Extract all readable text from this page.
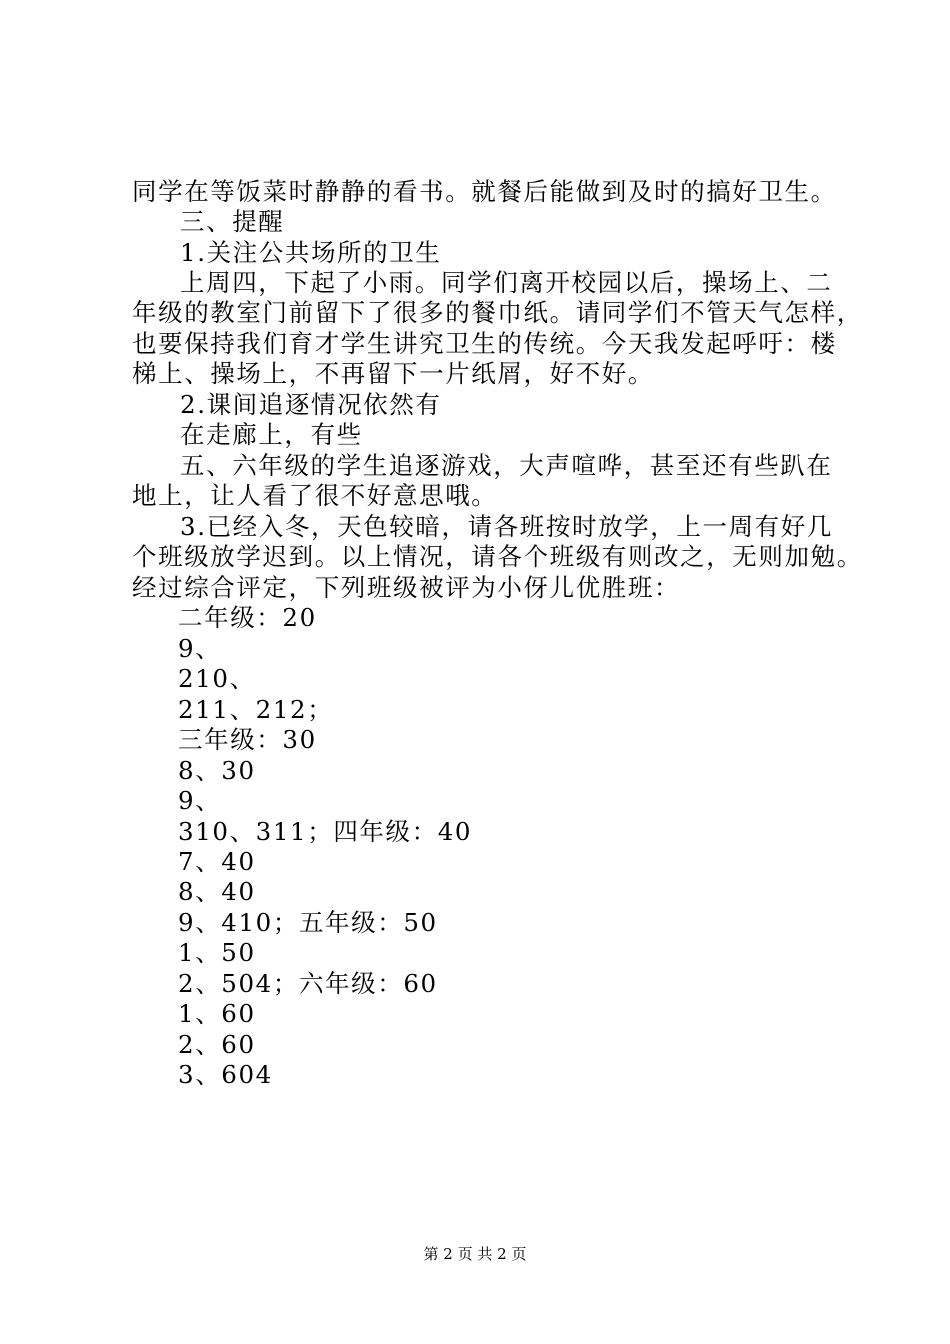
同学在等饭菜时静静的看书。就餐后能做到及时的搞好卫生。
三、提醒
1.关注公共场所的卫生
上周四，下起了小雨。同学们离开校园以后，操场上、二
年级的教室门前留下了很多的餐巾纸。请同学们不管天气怎样，
也要保持我们育才学生讲究卫生的传统。今天我发起呼吁：楼
梯上、操场上，不再留下一片纸屑，好不好。
2.课间追逐情况依然有
在走廊上，有些
五、六年级的学生追逐游戏，大声喧哗，甚至还有些趴在
地上，让人看了很不好意思哦。
3.已经入冬，天色较暗，请各班按时放学，上一周有好几
个班级放学迟到。以上情况，请各个班级有则改之，无则加勉。
经过综合评定，下列班级被评为小伢儿优胜班：
二年级：20
9、
210、
211、212；
三年级：30
8、30
9、
310、311；四年级：40
7、40
8、40
9、410；五年级：50
1、50
2、504；六年级：60
1、60
2、60
3、604
第 2 页 共 2 页
